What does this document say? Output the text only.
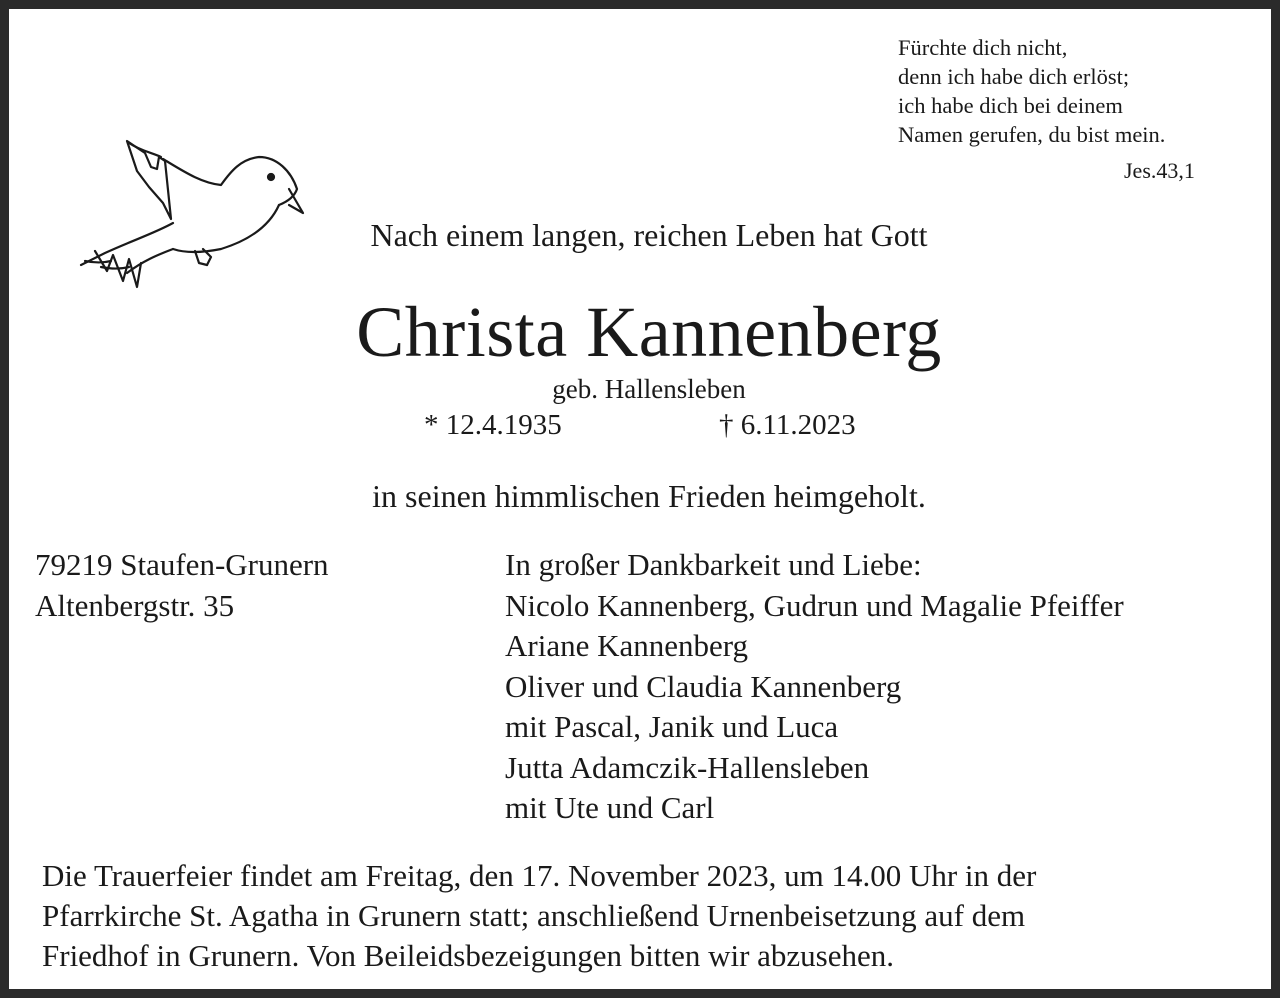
Fürchte dich nicht,
denn ich habe dich erlöst;
ich habe dich bei deinem
Namen gerufen, du bist mein.
Jes.43,1
Nach einem langen, reichen Leben hat Gott
Christa Kannenberg
geb. Hallensleben
* 12.4.1935	† 6.11.2023
in seinen himmlischen Frieden heimgeholt.
79219 Staufen-Grunern
Altenbergstr. 35
In großer Dankbarkeit und Liebe:
Nicolo Kannenberg, Gudrun und Magalie Pfeiffer
Ariane Kannenberg
Oliver und Claudia Kannenberg
mit Pascal, Janik und Luca
Jutta Adamczik-Hallensleben
mit Ute und Carl
Die Trauerfeier findet am Freitag, den 17. November 2023, um 14.00 Uhr in der
Pfarrkirche St. Agatha in Grunern statt; anschließend Urnenbeisetzung auf dem
Friedhof in Grunern. Von Beileidsbezeigungen bitten wir abzusehen.
